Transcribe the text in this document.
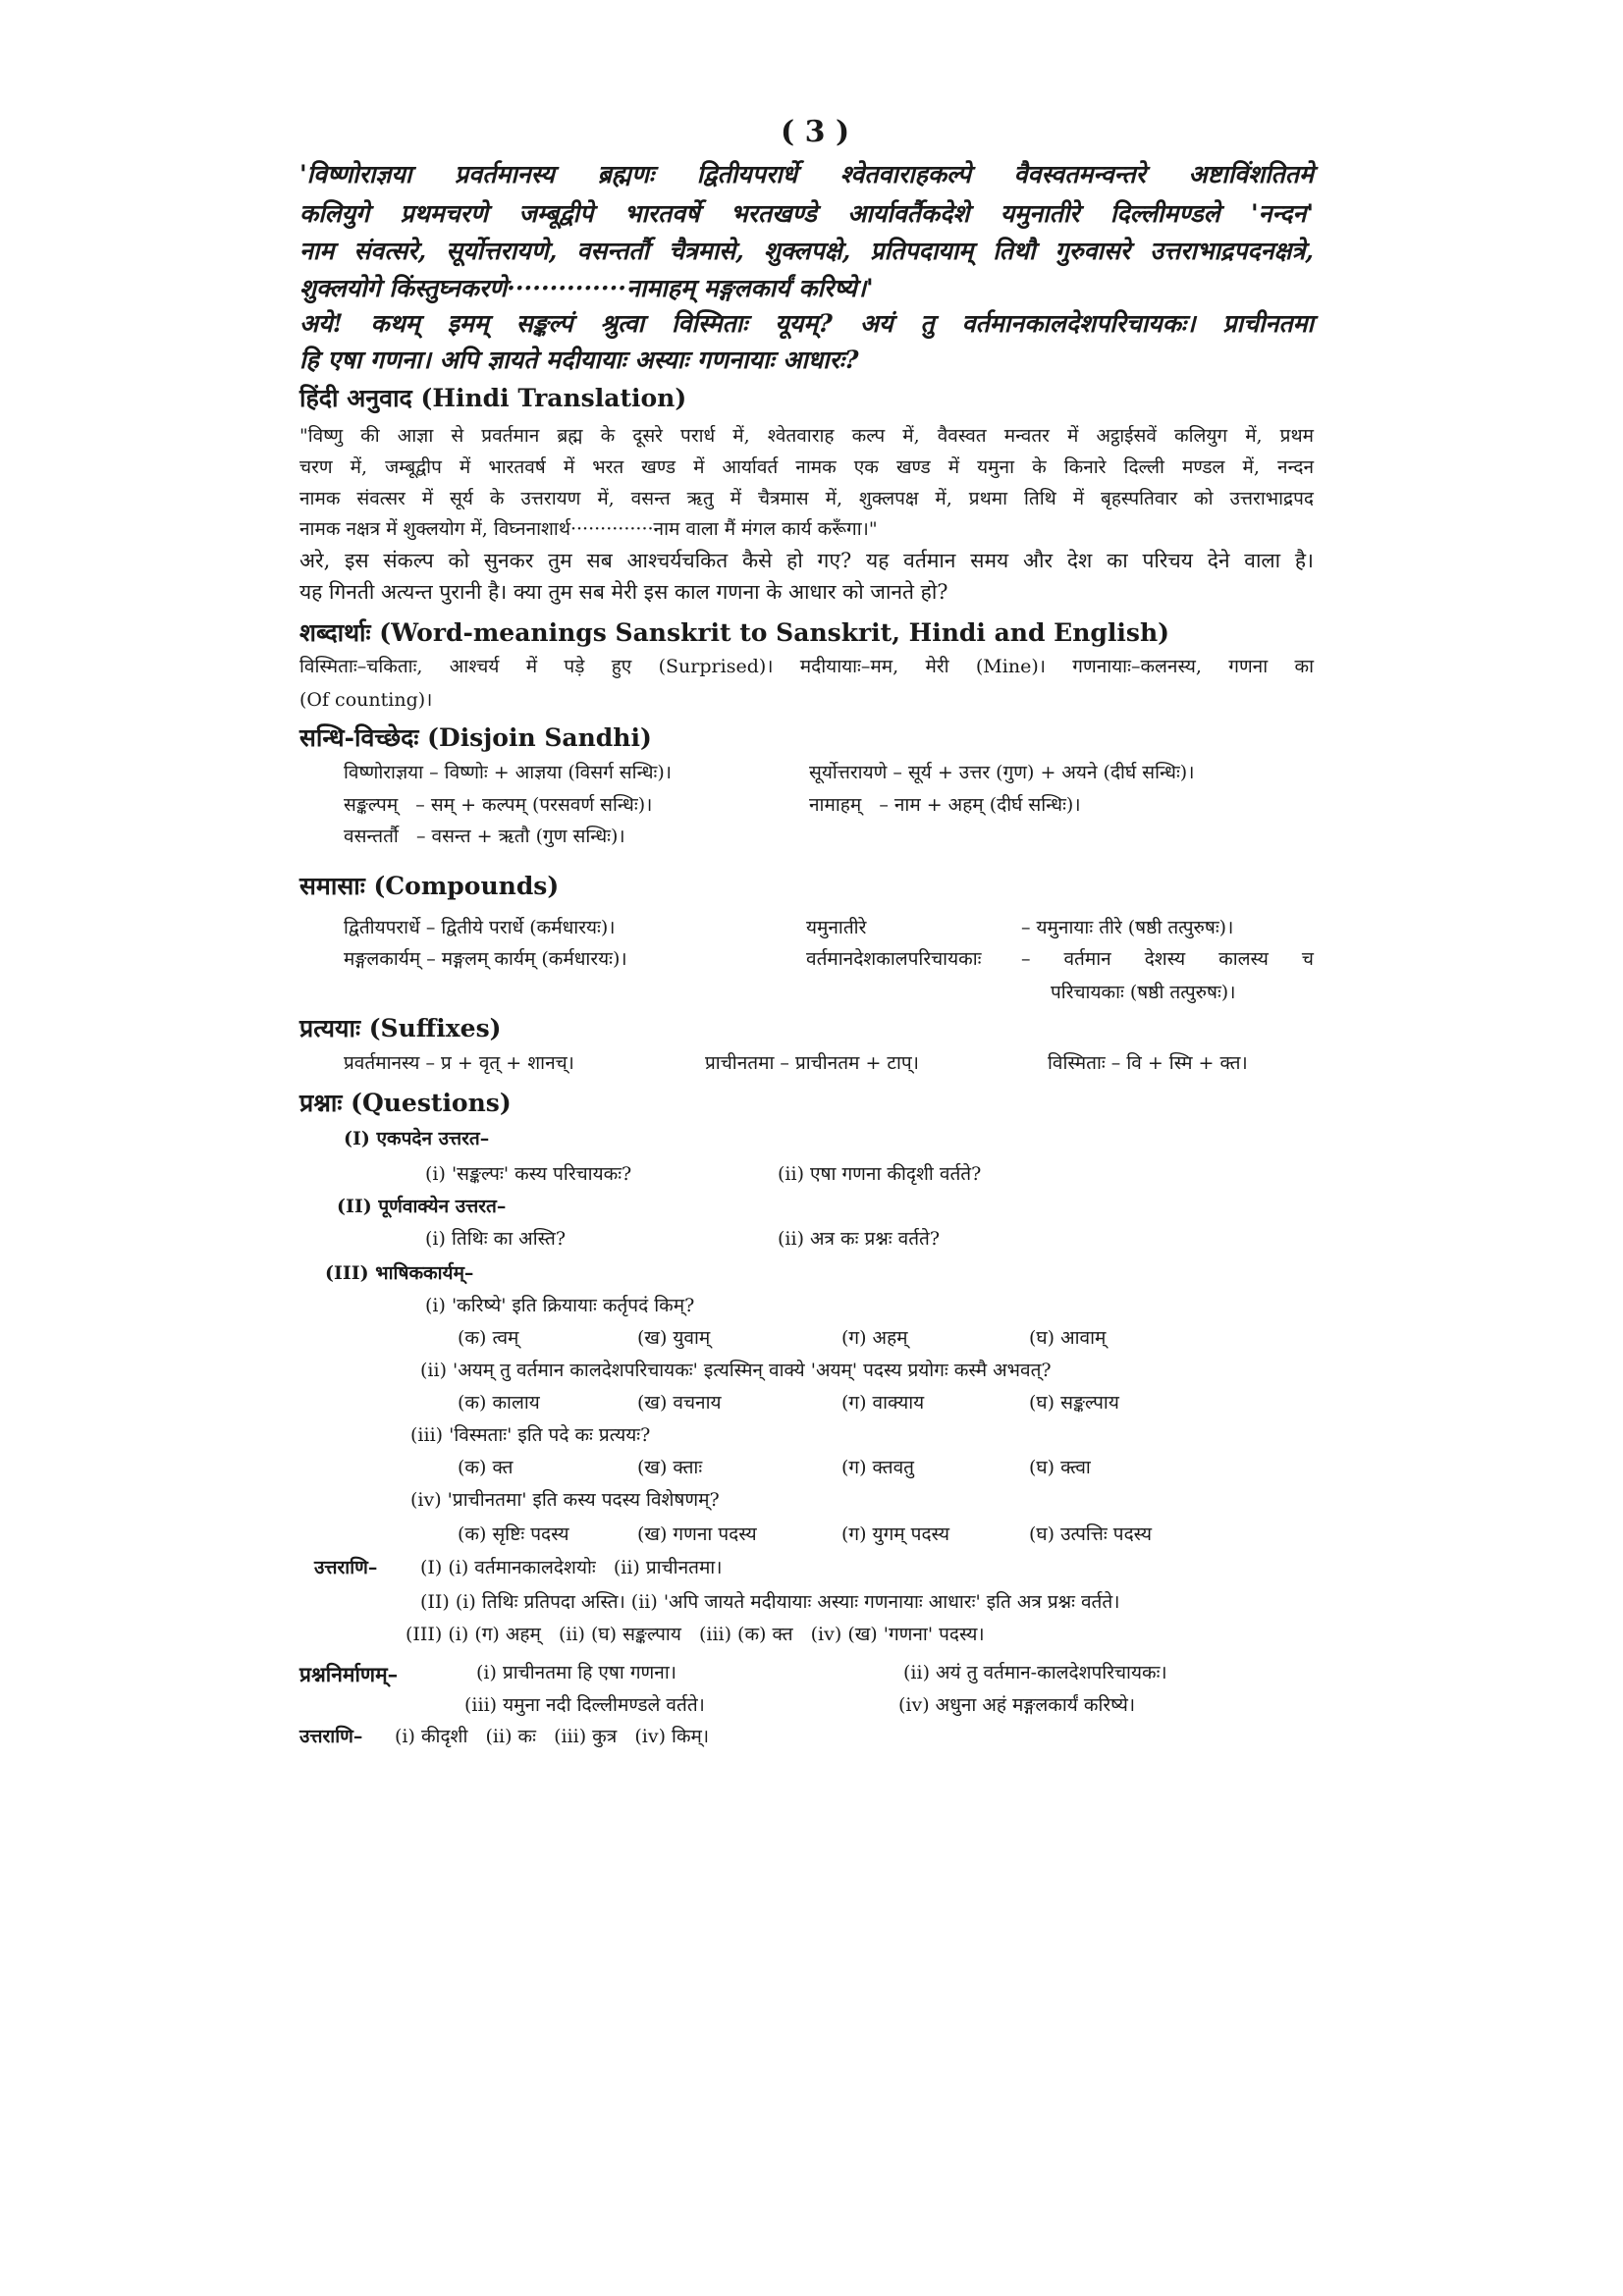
( 3 )
'विष्णोराज्ञया प्रवर्तमानस्य ब्रह्मणः द्वितीयपरार्धे श्वेतवाराहकल्पे वैवस्वतमन्वन्तरे अष्टाविंशतितमे
कलियुगे प्रथमचरणे जम्बूद्वीपे भारतवर्षे भरतखण्डे आर्यावर्तैकदेशे यमुनातीरे दिल्लीमण्डले 'नन्दन'
नाम संवत्सरे, सूर्योत्तरायणे, वसन्तर्तौ चैत्रमासे, शुक्लपक्षे, प्रतिपदायाम् तिथौ गुरुवासरे उत्तराभाद्रपदनक्षत्रे,
शुक्लयोगे किंस्तुघ्नकरणे··············नामाहम् मङ्गलकार्यं करिष्ये।'
अये! कथम् इमम् सङ्कल्पं श्रुत्वा विस्मिताः यूयम्? अयं तु वर्तमानकालदेशपरिचायकः। प्राचीनतमा
हि एषा गणना। अपि ज्ञायते मदीयायाः अस्याः गणनायाः आधारः?
हिंदी अनुवाद (Hindi Translation)
"विष्णु की आज्ञा से प्रवर्तमान ब्रह्म के दूसरे परार्ध में, श्वेतवाराह कल्प में, वैवस्वत मन्वतर में अट्ठाईसवें कलियुग में, प्रथम
चरण में, जम्बूद्वीप में भारतवर्ष में भरत खण्ड में आर्यावर्त नामक एक खण्ड में यमुना के किनारे दिल्ली मण्डल में, नन्दन
नामक संवत्सर में सूर्य के उत्तरायण में, वसन्त ऋतु में चैत्रमास में, शुक्लपक्ष में, प्रथमा तिथि में बृहस्पतिवार को उत्तराभाद्रपद
नामक नक्षत्र में शुक्लयोग में, विघ्ननाशार्थ··············नाम वाला मैं मंगल कार्य करूँगा।"
अरे, इस संकल्प को सुनकर तुम सब आश्चर्यचकित कैसे हो गए? यह वर्तमान समय और देश का परिचय देने वाला है।
यह गिनती अत्यन्त पुरानी है। क्या तुम सब मेरी इस काल गणना के आधार को जानते हो?
शब्दार्थाः (Word-meanings Sanskrit to Sanskrit, Hindi and English)
विस्मिताः–चकिताः, आश्चर्य में पड़े हुए (Surprised)। मदीयायाः–मम, मेरी (Mine)। गणनायाः–कलनस्य, गणना का
(Of counting)।
सन्धि-विच्छेदः (Disjoin Sandhi)
विष्णोराज्ञया – विष्णोः + आज्ञया (विसर्ग सन्धिः)।	सूर्योत्तरायणे – सूर्य + उत्तर (गुण) + अयने (दीर्घ सन्धिः)।
सङ्कल्पम्   – सम् + कल्पम् (परसवर्ण सन्धिः)।	नामाहम्   – नाम + अहम् (दीर्घ सन्धिः)।
वसन्तर्तौ   – वसन्त + ऋतौ (गुण सन्धिः)।
समासाः (Compounds)
द्वितीयपरार्धे – द्वितीये परार्धे (कर्मधारयः)।	यमुनातीरे	– यमुनायाः तीरे (षष्ठी तत्पुरुषः)।
मङ्गलकार्यम् – मङ्गलम् कार्यम् (कर्मधारयः)।	वर्तमानदेशकालपरिचायकाः – वर्तमान देशस्य कालस्य च
परिचायकाः (षष्ठी तत्पुरुषः)।
प्रत्ययाः (Suffixes)
प्रवर्तमानस्य – प्र + वृत् + शानच्।	प्राचीनतमा – प्राचीनतम + टाप्।	विस्मिताः – वि + स्मि + क्त।
प्रश्नाः (Questions)
(I) एकपदेन उत्तरत–
(i) 'सङ्कल्पः' कस्य परिचायकः?	(ii) एषा गणना कीदृशी वर्तते?
(II) पूर्णवाक्येन उत्तरत–
(i) तिथिः का अस्ति?	(ii) अत्र कः प्रश्नः वर्तते?
(III) भाषिककार्यम्–
(i) 'करिष्ये' इति क्रियायाः कर्तृपदं किम्?
(क) त्वम्	(ख) युवाम्	(ग) अहम्	(घ) आवाम्
(ii) 'अयम् तु वर्तमान कालदेशपरिचायकः' इत्यस्मिन् वाक्ये 'अयम्' पदस्य प्रयोगः कस्मै अभवत्?
(क) कालाय	(ख) वचनाय	(ग) वाक्याय	(घ) सङ्कल्पाय
(iii) 'विस्मताः' इति पदे कः प्रत्ययः?
(क) क्त	(ख) क्ताः	(ग) क्तवतु	(घ) क्त्वा
(iv) 'प्राचीनतमा' इति कस्य पदस्य विशेषणम्?
(क) सृष्टिः पदस्य	(ख) गणना पदस्य	(ग) युगम् पदस्य	(घ) उत्पत्तिः पदस्य
उत्तराणि– (I) (i) वर्तमानकालदेशयोः   (ii) प्राचीनतमा।
(II) (i) तिथिः प्रतिपदा अस्ति। (ii) 'अपि जायते मदीयायाः अस्याः गणनायाः आधारः' इति अत्र प्रश्नः वर्तते।
(III) (i) (ग) अहम्   (ii) (घ) सङ्कल्पाय   (iii) (क) क्त   (iv) (ख) 'गणना' पदस्य।
प्रश्ननिर्माणम्–	(i) प्राचीनतमा हि एषा गणना।	(ii) अयं तु वर्तमान-कालदेशपरिचायकः।
(iii) यमुना नदी दिल्लीमण्डले वर्तते।	(iv) अधुना अहं मङ्गलकार्यं करिष्ये।
उत्तराणि– (i) कीदृशी   (ii) कः   (iii) कुत्र   (iv) किम्।
